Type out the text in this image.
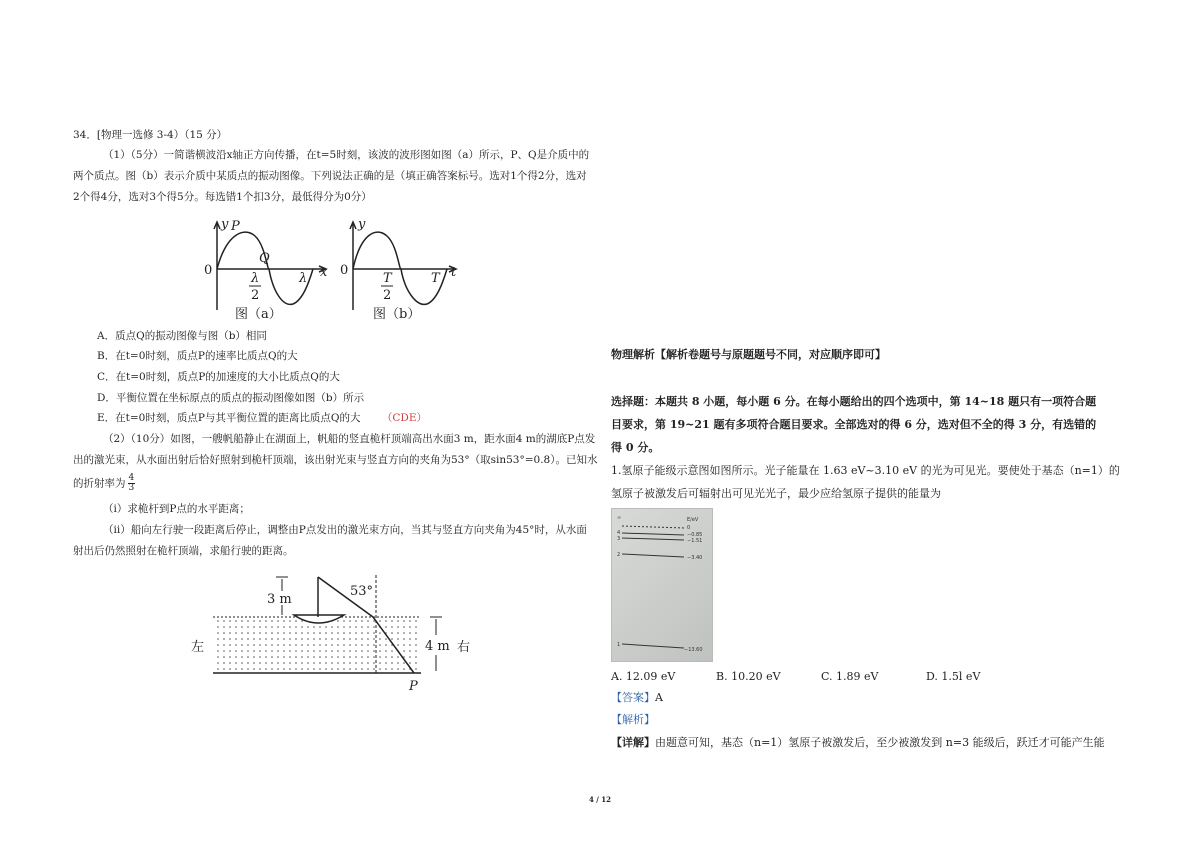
34．[物理一选修 3-4）（15 分）
（1）（5分）一简谐横波沿x轴正方向传播，在t=5时刻，该波的波形图如图（a）所示，P、Q是介质中的
两个质点。图（b）表示介质中某质点的振动图像。下列说法正确的是（填正确答案标号。选对1个得2分，选对
2个得4分，选对3个得5分。每选错1个扣3分，最低得分为0分）
y P
Q
0	x
λ
λ
2
图（a）
y
0	t
T
T
2
图（b）
A．质点Q的振动图像与图（b）相同
B．在t=0时刻，质点P的速率比质点Q的大
C．在t=0时刻，质点P的加速度的大小比质点Q的大
D．平衡位置在坐标原点的质点的振动图像如图（b）所示
E．在t=0时刻，质点P与其平衡位置的距离比质点Q的大 （CDE）
（2）（10分）如图，一艘帆船静止在湖面上，帆船的竖直桅杆顶端高出水面3 m，距水面4 m的湖底P点发
出的激光束，从水面出射后恰好照射到桅杆顶端，该出射光束与竖直方向的夹角为53°（取sin53°=0.8）。已知水
的折射率为 $\frac{4}{3}$
（i）求桅杆到P点的水平距离；
（ii）船向左行驶一段距离后停止，调整由P点发出的激光束方向，当其与竖直方向夹角为45°时，从水面
射出后仍然照射在桅杆顶端，求船行驶的距离。
3 m
53°
4 m
左	右
P
物理解析【解析卷题号与原题题号不同，对应顺序即可】
选择题：本题共 8 小题，每小题 6 分。在每小题给出的四个选项中，第 14~18 题只有一项符合题
目要求，第 19~21 题有多项符合题目要求。全部选对的得 6 分，选对但不全的得 3 分，有选错的
得 0 分。
1.氢原子能级示意图如图所示。光子能量在 1.63 eV~3.10 eV 的光为可见光。要使处于基态（n=1）的
氢原子被激发后可辐射出可见光光子，最少应给氢原子提供的能量为
∞
4
3
2
1
E/eV
0
−0.85
−1.51
−3.40
−13.60
A. 12.09 eV	B. 10.20 eV	C. 1.89 eV	D. 1.5l eV
【答案】A
【解析】
【详解】由题意可知，基态（n=1）氢原子被激发后，至少被激发到 n=3 能级后，跃迁才可能产生能
4 / 12
